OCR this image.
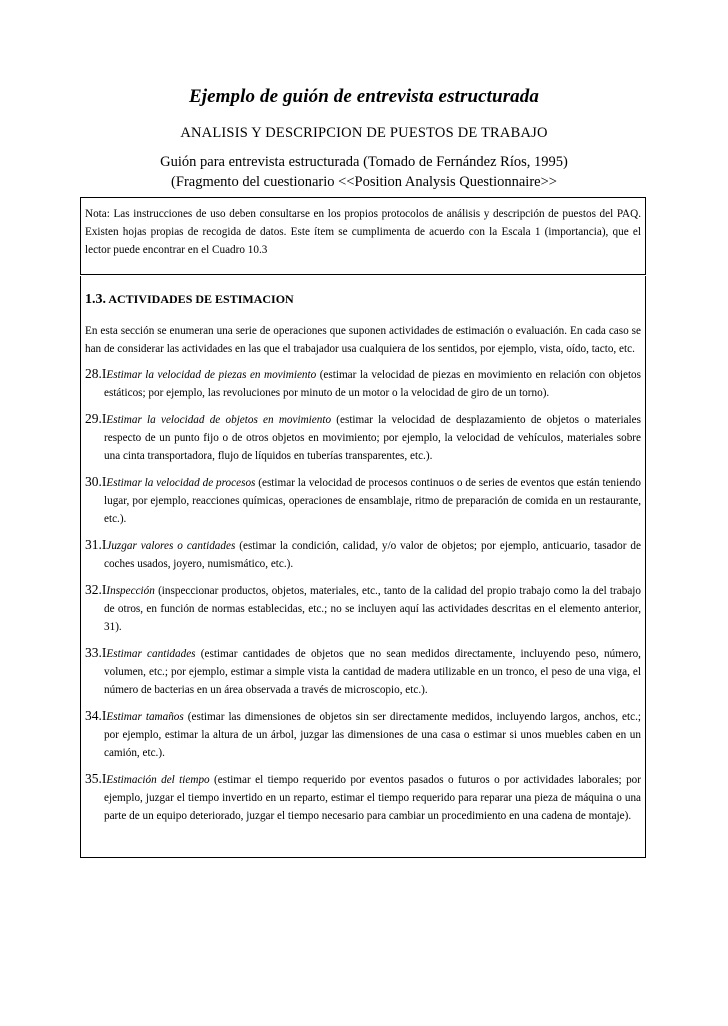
Ejemplo de guión de entrevista estructurada
ANALISIS Y DESCRIPCION DE PUESTOS DE TRABAJO
Guión para entrevista estructurada (Tomado de Fernández Ríos, 1995)
(Fragmento del cuestionario <<Position Analysis Questionnaire>>
Nota: Las instrucciones de uso deben consultarse en los propios protocolos de análisis y descripción de puestos del PAQ. Existen hojas propias de recogida de datos. Este ítem se cumplimenta de acuerdo con la Escala 1 (importancia), que el lector puede encontrar en el Cuadro 10.3
1.3. ACTIVIDADES DE ESTIMACION
En esta sección se enumeran una serie de operaciones que suponen actividades de estimación o evaluación. En cada caso se han de considerar las actividades en las que el trabajador usa cualquiera de los sentidos, por ejemplo, vista, oído, tacto, etc.
28.IEstimar la velocidad de piezas en movimiento (estimar la velocidad de piezas en movimiento en relación con objetos estáticos; por ejemplo, las revoluciones por minuto de un motor o la velocidad de giro de un torno).
29.IEstimar la velocidad de objetos en movimiento (estimar la velocidad de desplazamiento de objetos o materiales respecto de un punto fijo o de otros objetos en movimiento; por ejemplo, la velocidad de vehículos, materiales sobre una cinta transportadora, flujo de líquidos en tuberías transparentes, etc.).
30.IEstimar la velocidad de procesos (estimar la velocidad de procesos continuos o de series de eventos que están teniendo lugar, por ejemplo, reacciones químicas, operaciones de ensamblaje, ritmo de preparación de comida en un restaurante, etc.).
31.IJuzgar valores o cantidades (estimar la condición, calidad, y/o valor de objetos; por ejemplo, anticuario, tasador de coches usados, joyero, numismático, etc.).
32.IInspección (inspeccionar productos, objetos, materiales, etc., tanto de la calidad del propio trabajo como la del trabajo de otros, en función de normas establecidas, etc.; no se incluyen aquí las actividades descritas en el elemento anterior, 31).
33.IEstimar cantidades (estimar cantidades de objetos que no sean medidos directamente, incluyendo peso, número, volumen, etc.; por ejemplo, estimar a simple vista la cantidad de madera utilizable en un tronco, el peso de una viga, el número de bacterias en un área observada a través de microscopio, etc.).
34.IEstimar tamaños (estimar las dimensiones de objetos sin ser directamente medidos, incluyendo largos, anchos, etc.; por ejemplo, estimar la altura de un árbol, juzgar las dimensiones de una casa o estimar si unos muebles caben en un camión, etc.).
35.IEstimación del tiempo (estimar el tiempo requerido por eventos pasados o futuros o por actividades laborales; por ejemplo, juzgar el tiempo invertido en un reparto, estimar el tiempo requerido para reparar una pieza de máquina o una parte de un equipo deteriorado, juzgar el tiempo necesario para cambiar un procedimiento en una cadena de montaje).
